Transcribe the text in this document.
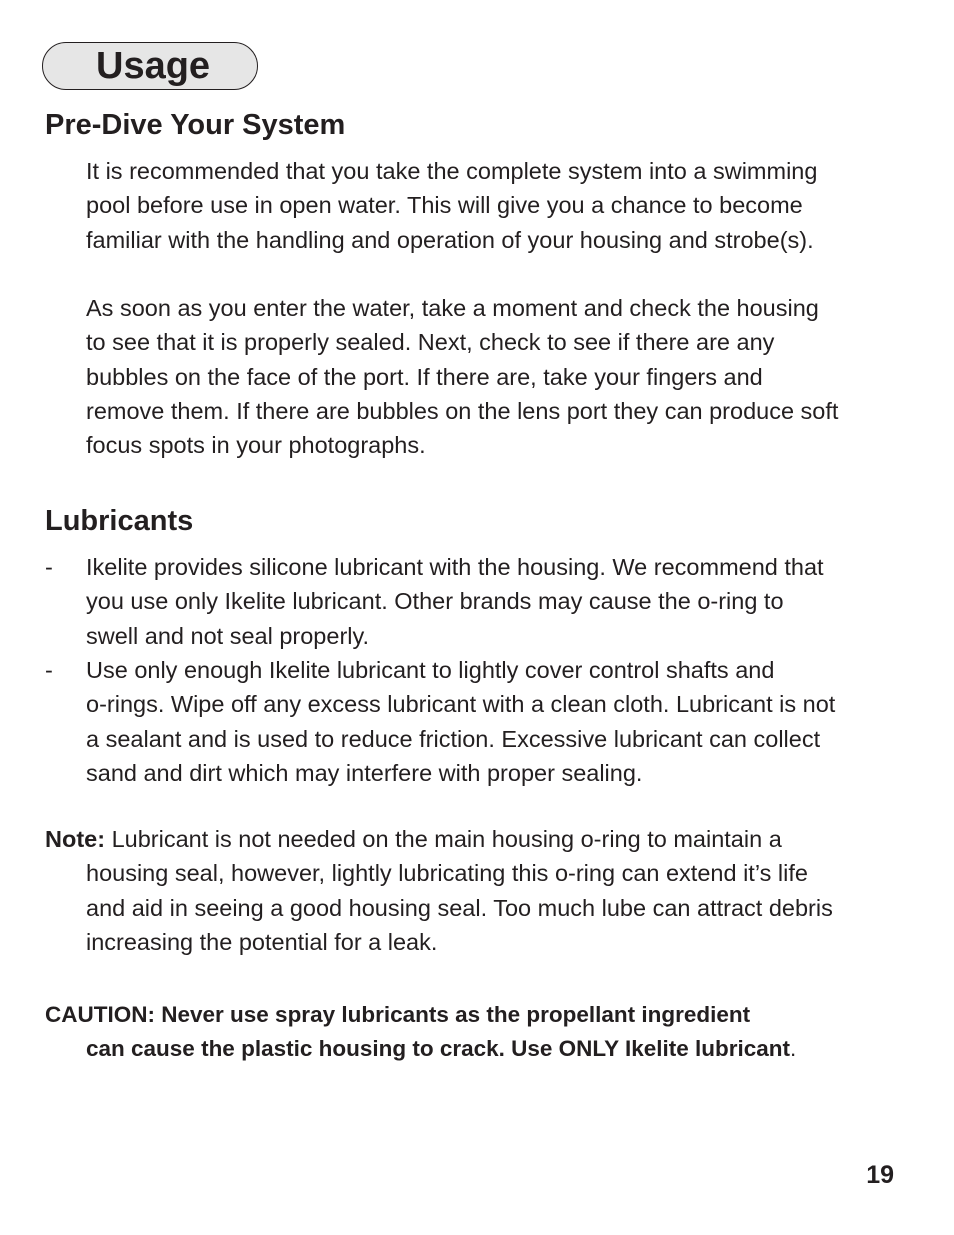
Usage
Pre-Dive Your System

It is recommended that you take the complete system into a swimming
pool before use in open water. This will give you a chance to become
familiar with the handling and operation of your housing and strobe(s).

As soon as you enter the water, take a moment and check the housing
to see that it is properly sealed. Next, check to see if there are any
bubbles on the face of the port. If there are, take your fingers and
remove them. If there are bubbles on the lens port they can produce soft
focus spots in your photographs.

Lubricants
- Ikelite provides silicone lubricant with the housing. We recommend that
you use only Ikelite lubricant. Other brands may cause the o-ring to
swell and not seal properly.

- Use only enough Ikelite lubricant to lightly cover control shafts and
o-rings. Wipe off any excess lubricant with a clean cloth. Lubricant is not
a sealant and is used to reduce friction. Excessive lubricant can collect
sand and dirt which may interfere with proper sealing.

Note: Lubricant is not needed on the main housing o-ring to maintain a
housing seal, however, lightly lubricating this o-ring can extend it’s life
and aid in seeing a good housing seal. Too much lube can attract debris
increasing the potential for a leak.
CAUTION: Never use spray lubricants as the propellant ingredient
can cause the plastic housing to crack. Use ONLY Ikelite lubricant.
19
